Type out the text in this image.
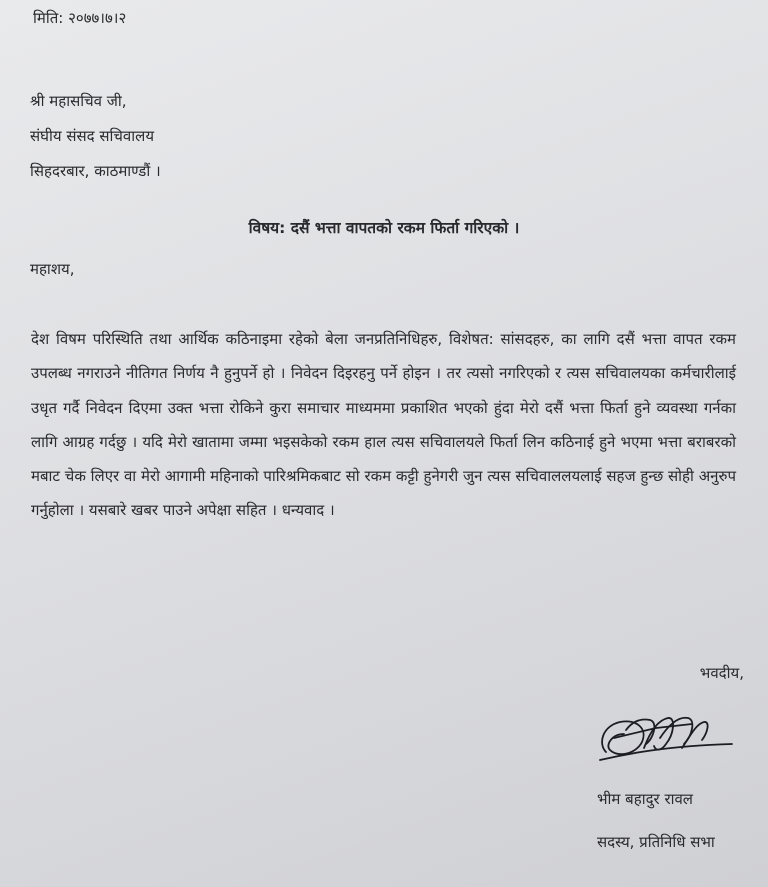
मिति: २०७७।७।२
श्री महासचिव जी,
संघीय संसद सचिवालय
सिहदरबार, काठमाण्डौं ।
विषय: दसैं भत्ता वापतको रकम फिर्ता गरिएको ।
महाशय,
देश विषम परिस्थिति तथा आर्थिक कठिनाइमा रहेको बेला जनप्रतिनिधिहरु, विशेषत: सांसदहरु, का लागि दसैं भत्ता वापत रकम उपलब्ध नगराउने नीतिगत निर्णय नै हुनुपर्ने हो । निवेदन दिइरहनु पर्ने होइन । तर त्यसो नगरिएको र त्यस सचिवालयका कर्मचारीलाई उधृत गर्दै निवेदन दिएमा उक्त भत्ता रोकिने कुरा समाचार माध्यममा प्रकाशित भएको हुंदा मेरो दसैं भत्ता फिर्ता हुने व्यवस्था गर्नका लागि आग्रह गर्दछु । यदि मेरो खातामा जम्मा भइसकेको रकम हाल त्यस सचिवालयले फिर्ता लिन कठिनाई हुने भएमा भत्ता बराबरको मबाट चेक लिएर वा मेरो आगामी महिनाको पारिश्रमिकबाट सो रकम कट्टी हुनेगरी जुन त्यस सचिवाललयलाई सहज हुन्छ सोही अनुरुप गर्नुहोला । यसबारे खबर पाउने अपेक्षा सहित । धन्यवाद ।
भवदीय,
भीम बहादुर रावल
सदस्य, प्रतिनिधि सभा
